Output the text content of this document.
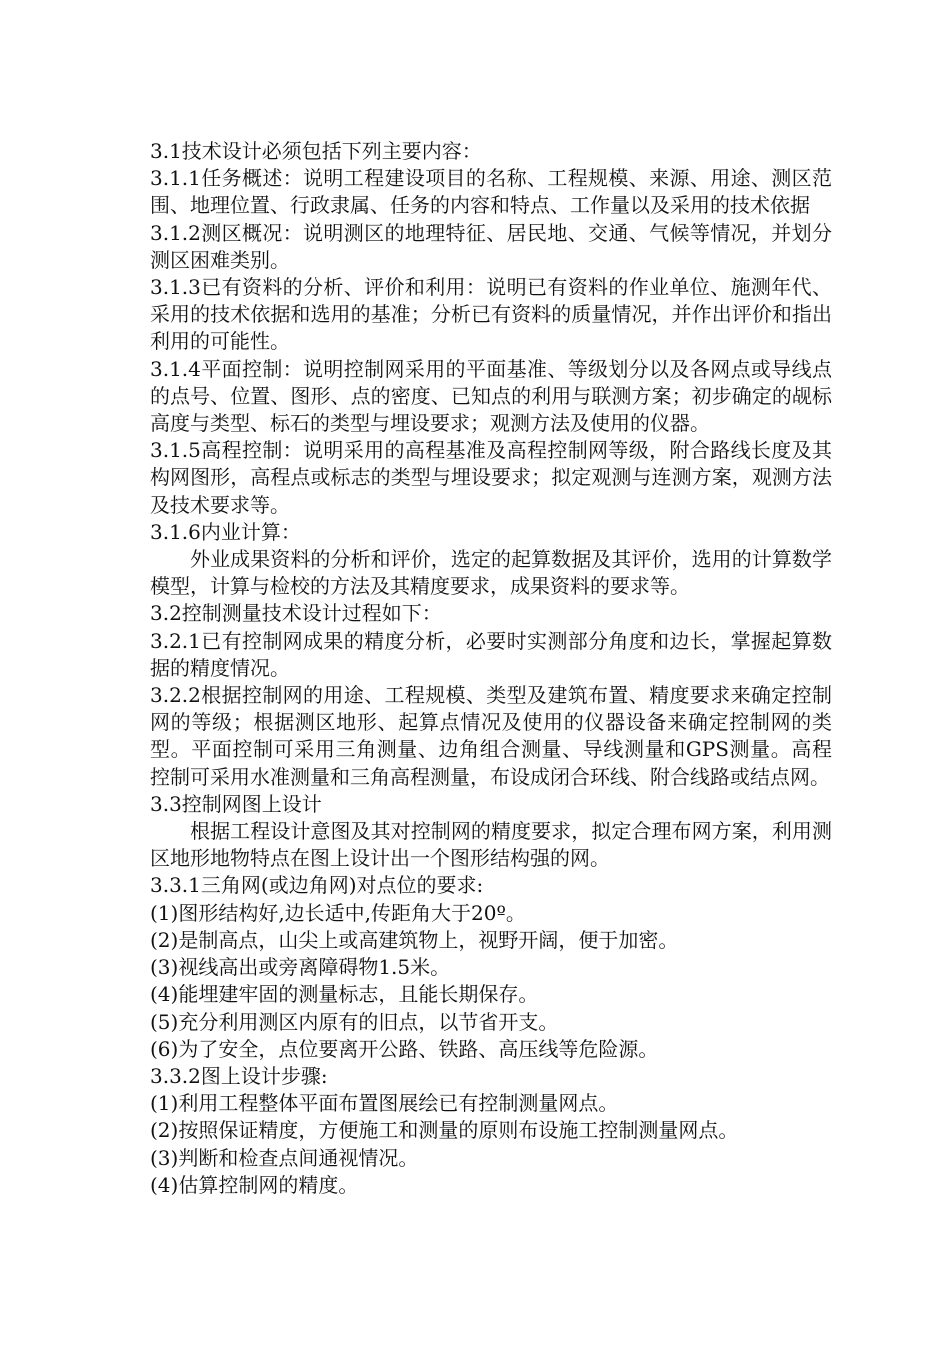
3.1技术设计必须包括下列主要内容：

3.1.1任务概述：说明工程建设项目的名称、工程规模、来源、用途、测区范围、地理位置、行政隶属、任务的内容和特点、工作量以及采用的技术依据

3.1.2测区概况：说明测区的地理特征、居民地、交通、气候等情况，并划分测区困难类别。

3.1.3已有资料的分析、评价和利用：说明已有资料的作业单位、施测年代、采用的技术依据和选用的基准；分析已有资料的质量情况，并作出评价和指出利用的可能性。

3.1.4平面控制：说明控制网采用的平面基准、等级划分以及各网点或导线点的点号、位置、图形、点的密度、已知点的利用与联测方案；初步确定的觇标高度与类型、标石的类型与埋设要求；观测方法及使用的仪器。

3.1.5高程控制：说明采用的高程基准及高程控制网等级，附合路线长度及其构网图形，高程点或标志的类型与埋设要求；拟定观测与连测方案，观测方法及技术要求等。

3.1.6内业计算：

外业成果资料的分析和评价，选定的起算数据及其评价，选用的计算数学模型，计算与检校的方法及其精度要求，成果资料的要求等。

3.2控制测量技术设计过程如下：

3.2.1已有控制网成果的精度分析，必要时实测部分角度和边长，掌握起算数据的精度情况。

3.2.2根据控制网的用途、工程规模、类型及建筑布置、精度要求来确定控制网的等级；根据测区地形、起算点情况及使用的仪器设备来确定控制网的类型。平面控制可采用三角测量、边角组合测量、导线测量和GPS测量。高程控制可采用水准测量和三角高程测量，布设成闭合环线、附合线路或结点网。

3.3控制网图上设计

根据工程设计意图及其对控制网的精度要求，拟定合理布网方案，利用测区地形地物特点在图上设计出一个图形结构强的网。

3.3.1三角网(或边角网)对点位的要求:

(1)图形结构好,边长适中,传距角大于20º。

(2)是制高点，山尖上或高建筑物上，视野开阔，便于加密。

(3)视线高出或旁离障碍物1.5米。

(4)能埋建牢固的测量标志，且能长期保存。

(5)充分利用测区内原有的旧点，以节省开支。

(6)为了安全，点位要离开公路、铁路、高压线等危险源。

3.3.2图上设计步骤:

(1)利用工程整体平面布置图展绘已有控制测量网点。

(2)按照保证精度，方便施工和测量的原则布设施工控制测量网点。

(3)判断和检查点间通视情况。

(4)估算控制网的精度。
